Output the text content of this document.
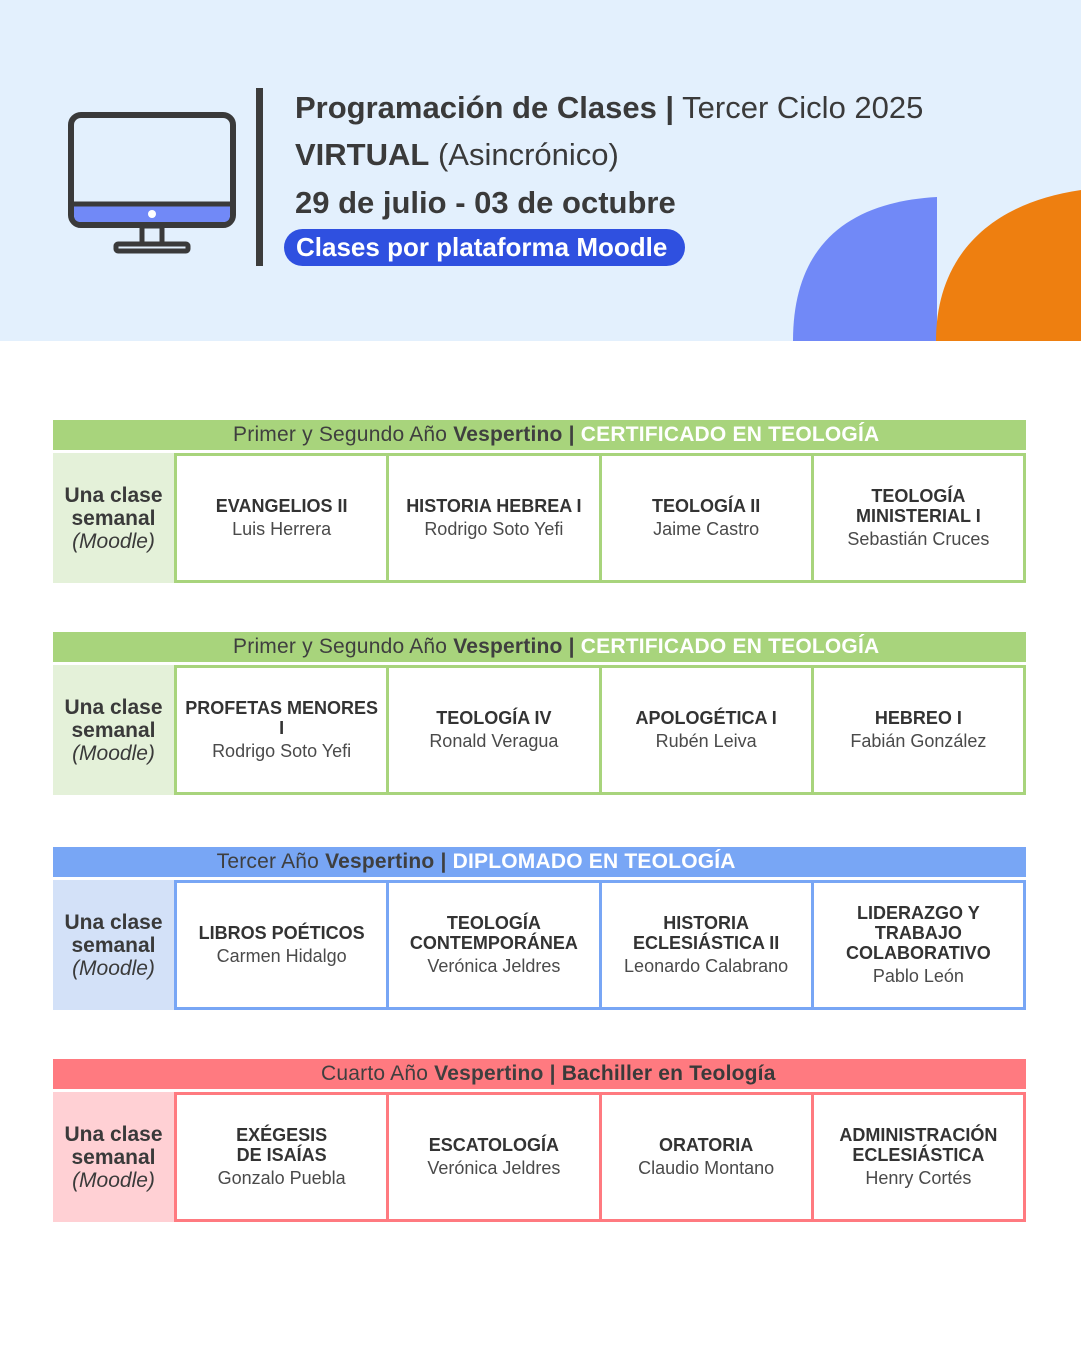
Programación de Clases | Tercer Ciclo 2025
VIRTUAL (Asincrónico)
29 de julio - 03 de octubre
Clases por plataforma Moodle
Primer y Segundo Año Vespertino | CERTIFICADO EN TEOLOGÍA
Una clase
semanal
(Moodle)
EVANGELIOS II
Luis Herrera
HISTORIA HEBREA I
Rodrigo Soto Yefi
TEOLOGÍA II
Jaime Castro
TEOLOGÍA
MINISTERIAL I
Sebastián Cruces
Primer y Segundo Año Vespertino | CERTIFICADO EN TEOLOGÍA
Una clase
semanal
(Moodle)
PROFETAS MENORES I
Rodrigo Soto Yefi
TEOLOGÍA IV
Ronald Veragua
APOLOGÉTICA I
Rubén Leiva
HEBREO I
Fabián González
Tercer Año Vespertino | DIPLOMADO EN TEOLOGÍA
Una clase
semanal
(Moodle)
LIBROS POÉTICOS
Carmen Hidalgo
TEOLOGÍA
CONTEMPORÁNEA
Verónica Jeldres
HISTORIA
ECLESIÁSTICA II
Leonardo Calabrano
LIDERAZGO Y TRABAJO
COLABORATIVO
Pablo León
Cuarto Año Vespertino | Bachiller en Teología
Una clase
semanal
(Moodle)
EXÉGESIS
DE ISAÍAS
Gonzalo Puebla
ESCATOLOGÍA
Verónica Jeldres
ORATORIA
Claudio Montano
ADMINISTRACIÓN
ECLESIÁSTICA
Henry Cortés
